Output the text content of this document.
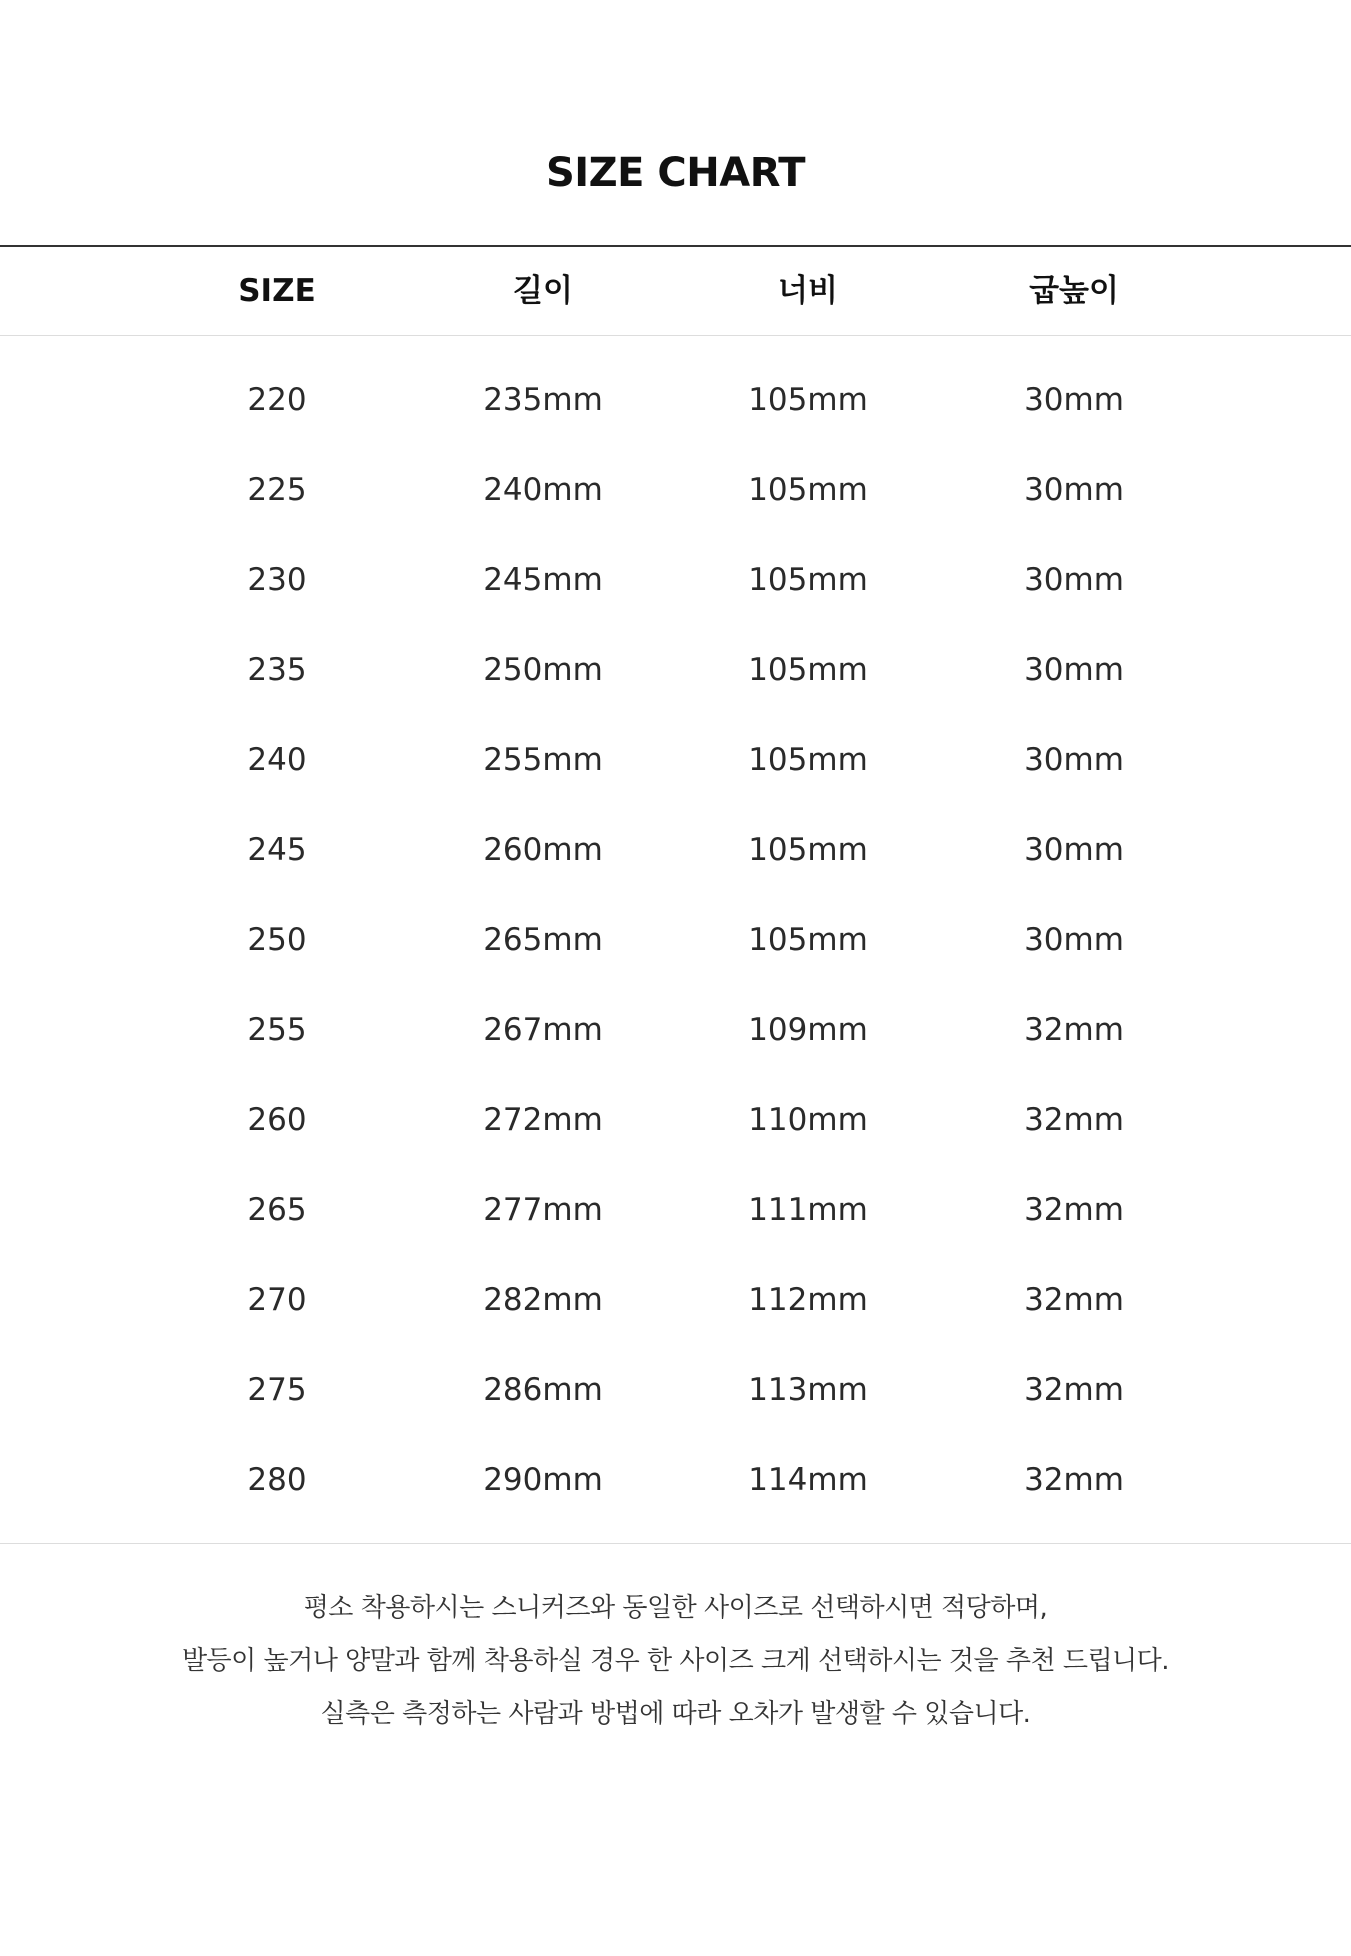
SIZE CHART
SIZE	길이	너비	굽높이
220	235mm	105mm	30mm
225	240mm	105mm	30mm
230	245mm	105mm	30mm
235	250mm	105mm	30mm
240	255mm	105mm	30mm
245	260mm	105mm	30mm
250	265mm	105mm	30mm
255	267mm	109mm	32mm
260	272mm	110mm	32mm
265	277mm	111mm	32mm
270	282mm	112mm	32mm
275	286mm	113mm	32mm
280	290mm	114mm	32mm
평소 착용하시는 스니커즈와 동일한 사이즈로 선택하시면 적당하며,
발등이 높거나 양말과 함께 착용하실 경우 한 사이즈 크게 선택하시는 것을 추천 드립니다.
실측은 측정하는 사람과 방법에 따라 오차가 발생할 수 있습니다.
